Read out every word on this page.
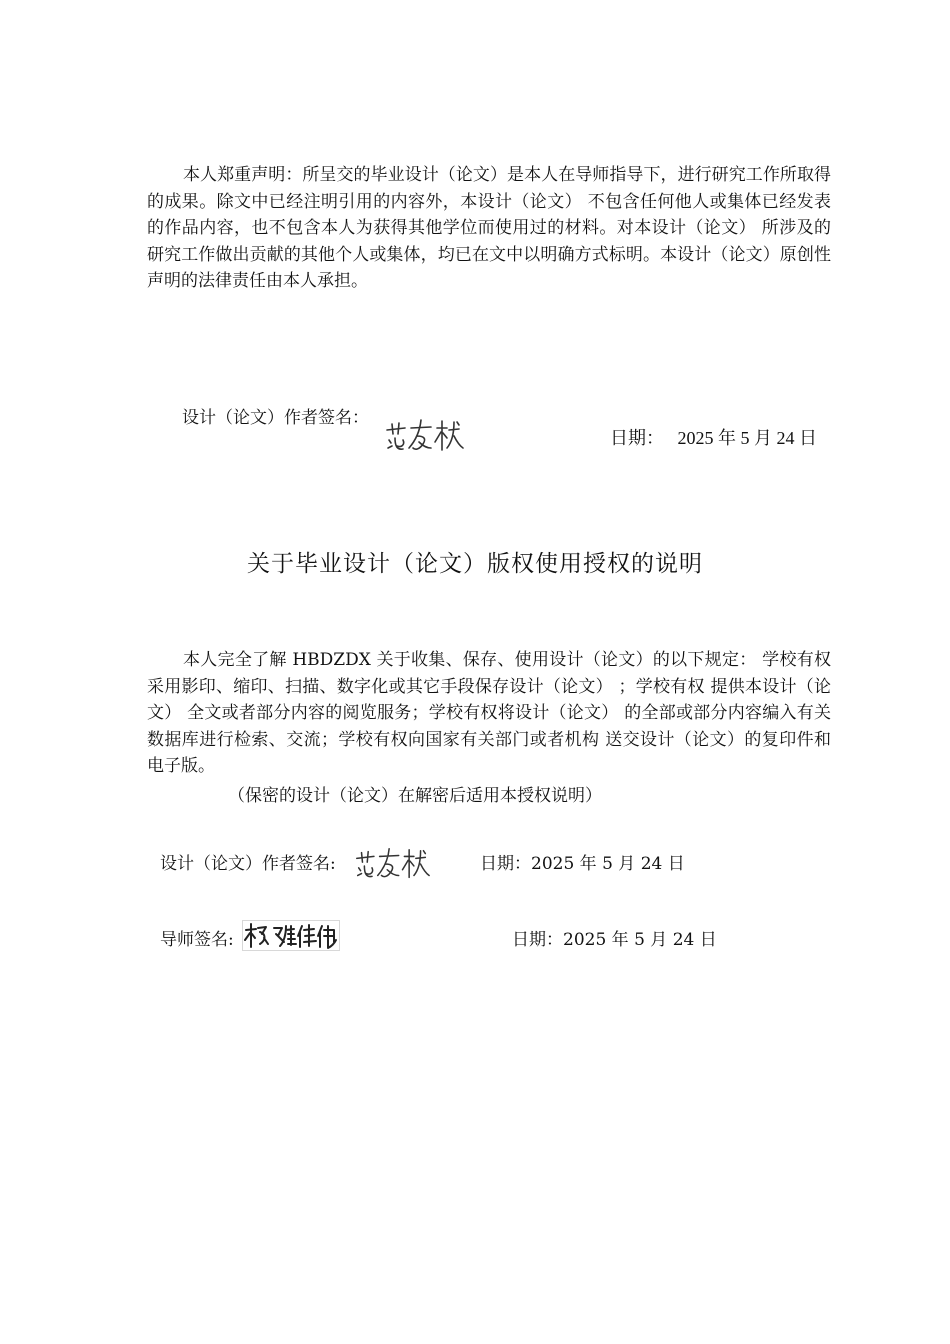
本人郑重声明：所呈交的毕业设计（论文）是本人在导师指导下，进行研究工作所取得的成果。除文中已经注明引用的内容外，本设计（论文） 不包含任何他人或集体已经发表的作品内容，也不包含本人为获得其他学位而使用过的材料。对本设计（论文） 所涉及的研究工作做出贡献的其他个人或集体，均已在文中以明确方式标明。本设计（论文）原创性声明的法律责任由本人承担。

设计（论文）作者签名：
日期： 2025 年 5 月 24 日
关于毕业设计（论文）版权使用授权的说明

本人完全了解 HBDZDX 关于收集、保存、使用设计（论文）的以下规定： 学校有权采用影印、缩印、扫描、数字化或其它手段保存设计（论文） ；学校有权 提供本设计（论文） 全文或者部分内容的阅览服务；学校有权将设计（论文） 的全部或部分内容编入有关数据库进行检索、交流；学校有权向国家有关部门或者机构 送交设计（论文）的复印件和电子版。

（保密的设计（论文）在解密后适用本授权说明）
设计（论文）作者签名:	日期：2025 年 5 月 24 日
导师签名:	日期：2025 年 5 月 24 日
